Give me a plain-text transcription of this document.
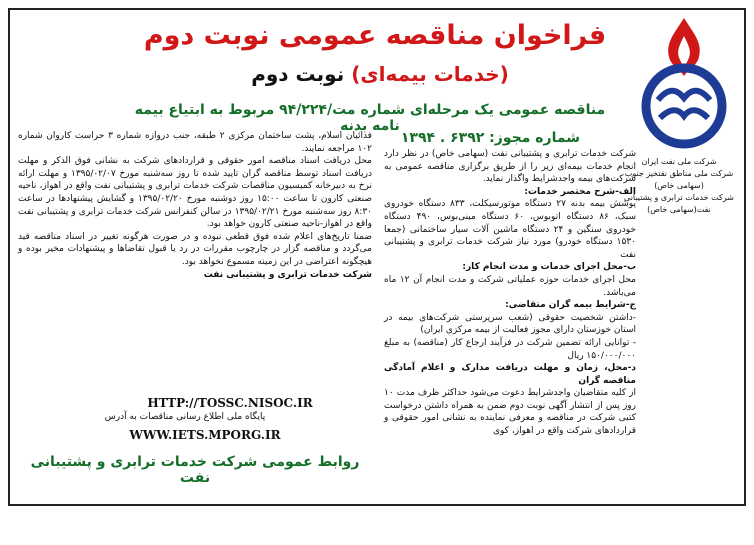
شرکت ملی نفت ایران
شرکت ملی مناطق نفتخیز جنوب (سهامی خاص)
شرکت خدمات ترابری و پشتیبانی نفت(سهامی خاص)
فراخوان مناقصه عمومی نوبت دوم
(خدمات بیمه‌ای) نوبت دوم
مناقصه عمومی یک مرحله‌ای شماره مت/۹۴/۲۲۴ مربوط به ابتیاع بیمه نامه بدنه
شماره مجوز: ۶۳۹۲ . ۱۳۹۴

شرکت خدمات ترابری و پشتیبانی نفت (سهامی خاص) در نظر دارد انجام خدمات بیمه‌ای زیر را از طریق برگزاری مناقصه عمومی به شرکت‌های بیمه واجدشرایط واگذار نماید.

الف-شرح مختصر خدمات:

پوشش بیمه بدنه ۲۷ دستگاه موتورسیکلت، ۸۳۳ دستگاه خودروی سبک، ۸۶ دستگاه اتوبوس، ۶۰ دستگاه مینی‌بوس، ۴۹۰ دستگاه خودروی سنگین و ۲۴ دستگاه ماشین آلات سیار ساختمانی (جمعا ۱۵۳۰ دستگاه خودرو) مورد نیاز شرکت خدمات ترابری و پشتیبانی نفت

ب-محل اجرای خدمات و مدت انجام کار:

محل اجرای خدمات حوزه عملیاتی شرکت و مدت انجام آن ۱۲ ماه می‌باشد.

ج-شرایط بیمه گران متقاضی:

-داشتن شخصیت حقوقی (شعب سرپرستی شرکت‌های بیمه در استان خوزستان دارای مجوز فعالیت از بیمه مرکزی ایران)

- توانایی ارائه تضمین شرکت در فرآیند ارجاع کار (مناقصه) به مبلغ ۱۵۰/۰۰۰/۰۰۰ ریال

د-محل، زمان و مهلت دریافت مدارک و اعلام آمادگی مناقصه گران

از کلیه متقاضیان واجدشرایط دعوت می‌شود حداکثر ظرف مدت ۱۰ روز پس از انتشار آگهی نوبت دوم ضمن به همراه داشتن درخواست کتبی شرکت در مناقصه و معرفی نماینده به نشانی امور حقوقی و قراردادهای شرکت واقع در اهواز، کوی

فدائیان اسلام، پشت ساختمان مرکزی ۲ طبقه، جنب دروازه شماره ۳ حراست کاروان شماره ۱۰۲ مراجعه نمایند.

محل دریافت اسناد مناقصه امور حقوقی و قراردادهای شرکت به نشانی فوق الذکر و مهلت دریافت اسناد توسط مناقصه گران تایید شده تا روز سه‌شنبه مورخ ۱۳۹۵/۰۲/۰۷ و مهلت ارائه نرخ به دبیرخانه کمیسیون مناقصات شرکت خدمات ترابری و پشتیبانی نفت واقع در اهواز، ناحیه صنعتی کارون تا ساعت ۱۵:۰۰ روز دوشنبه مورخ ۱۳۹۵/۰۲/۲۰ و گشایش پیشنهادها در ساعت ۸:۳۰ روز سه‌شنبه مورخ ۱۳۹۵/۰۲/۲۱ در سالن کنفرانس شرکت خدمات ترابری و پشتیبانی نفت واقع در اهواز-ناحیه صنعتی کارون خواهد بود.

ضمنا تاریخ‌های اعلام شده فوق قطعی نبوده و در صورت هرگونه تغییر در اسناد مناقصه قید می‌گردد و مناقصه گزار در چارچوب مقررات در رد یا قبول تقاضاها و پیشنهادات مخیر بوده و هیچگونه اعتراضی در این زمینه مسموع نخواهد بود.

شرکت خدمات ترابری و پشتیبانی نفت

HTTP://TOSSC.NISOC.IR
پایگاه ملی اطلاع رسانی مناقصات به آدرس
WWW.IETS.MPORG.IR
روابط عمومی شرکت خدمات ترابری و پشتیبانی نفت
